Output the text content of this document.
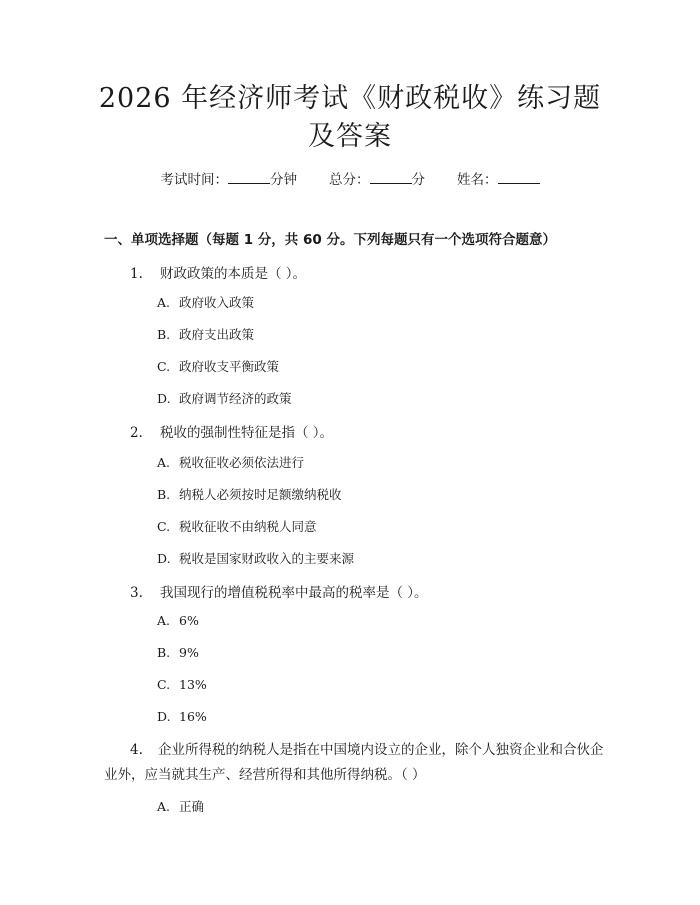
2026 年经济师考试《财政税收》练习题及答案
考试时间：	分钟 总分：	分 姓名：
一、单项选择题（每题 1 分，共 60 分。下列每题只有一个选项符合题意）
1. 财政政策的本质是（ ）。
A. 政府收入政策
B. 政府支出政策
C. 政府收支平衡政策
D. 政府调节经济的政策
2. 税收的强制性特征是指（ ）。
A. 税收征收必须依法进行
B. 纳税人必须按时足额缴纳税收
C. 税收征收不由纳税人同意
D. 税收是国家财政收入的主要来源
3. 我国现行的增值税税率中最高的税率是（ ）。
A. 6%
B. 9%
C. 13%
D. 16%
4. 企业所得税的纳税人是指在中国境内设立的企业，除个人独资企业和合伙企业外，应当就其生产、经营所得和其他所得纳税。（ ）
A. 正确
